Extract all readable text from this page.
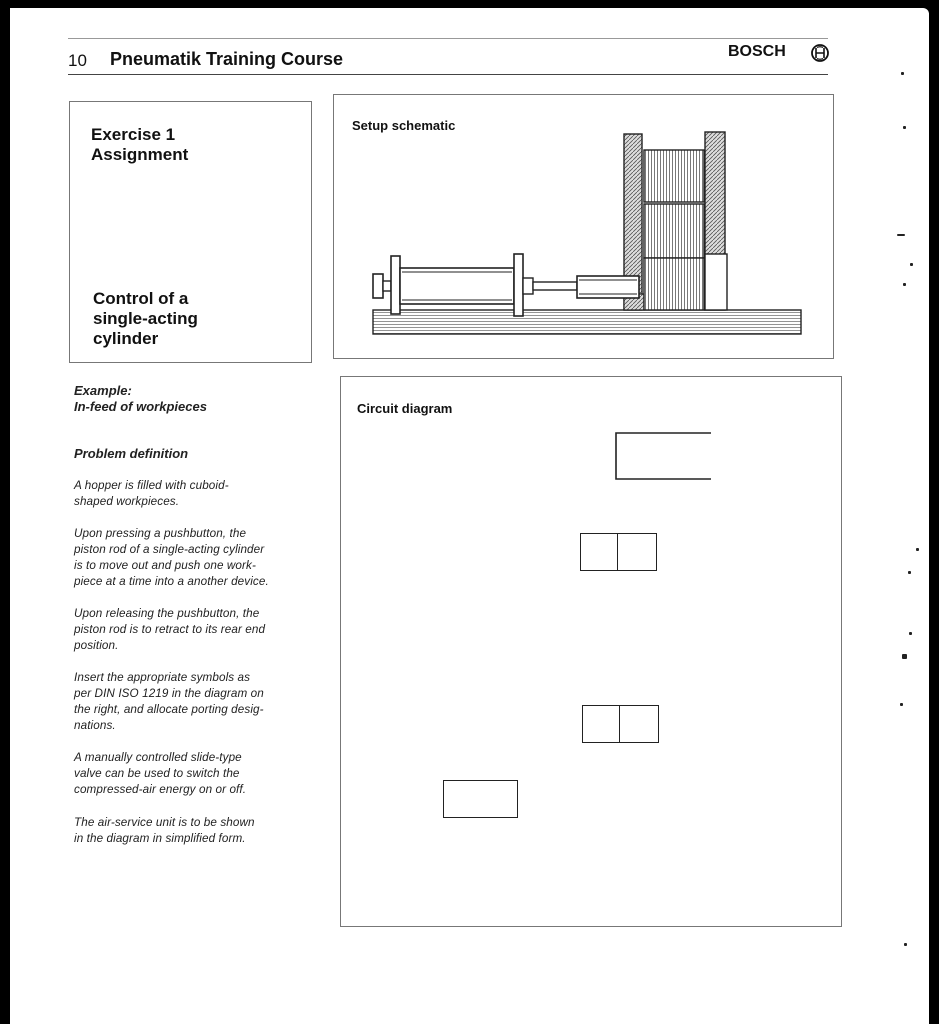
10 Pneumatik Training Course	BOSCH
Exercise 1
Assignment
Control of a
single-acting
cylinder
Setup schematic
Example:
In-feed of workpieces
Problem definition
A hopper is filled with cuboid-
shaped workpieces.
Upon pressing a pushbutton, the
piston rod of a single-acting cylinder
is to move out and push one work-
piece at a time into a another device.
Upon releasing the pushbutton, the
piston rod is to retract to its rear end
position.
Insert the appropriate symbols as
per DIN ISO 1219 in the diagram on
the right, and allocate porting desig-
nations.
A manually controlled slide-type
valve can be used to switch the
compressed-air energy on or off.
The air-service unit is to be shown
in the diagram in simplified form.
Circuit diagram
